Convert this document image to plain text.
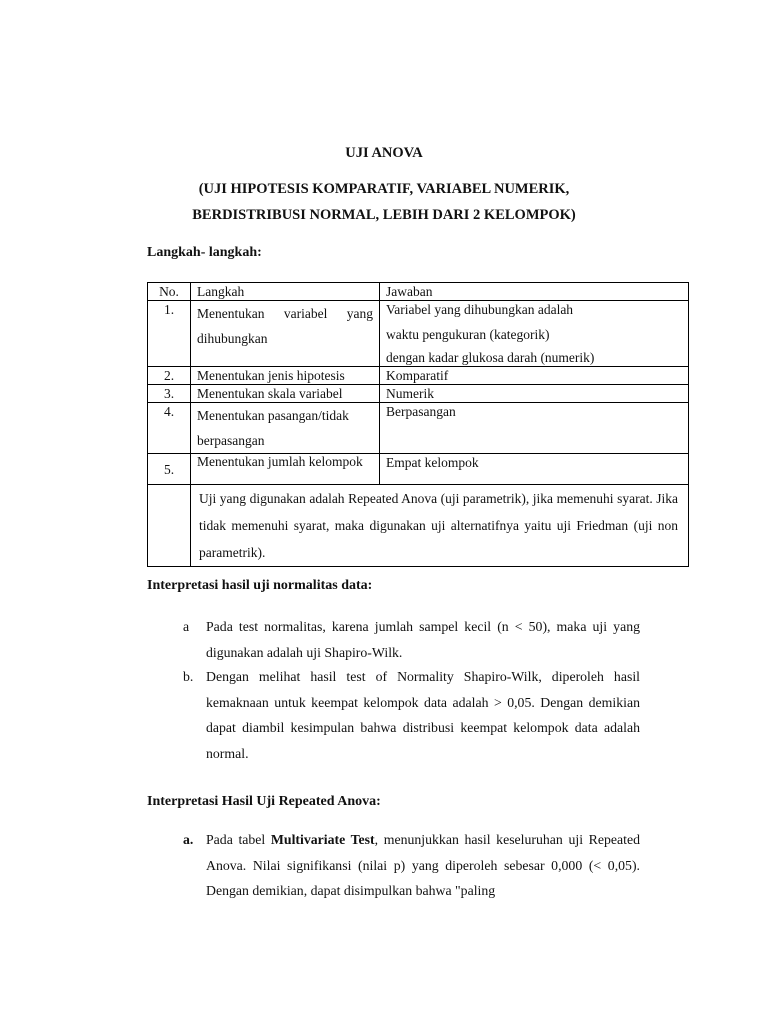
UJI ANOVA
(UJI HIPOTESIS KOMPARATIF, VARIABEL NUMERIK,
BERDISTRIBUSI NORMAL, LEBIH DARI 2 KELOMPOK)
Langkah- langkah:
No.	Langkah	Jawaban
1.	Menentukan variabel yang dihubungkan	Variabel yang dihubungkan adalah
waktu pengukuran (kategorik)
dengan kadar glukosa darah (numerik)

2.	Menentukan jenis hipotesis	Komparatif
3.	Menentukan skala variabel	Numerik
4.	Menentukan pasangan/tidak berpasangan	Berpasangan
5.	Menentukan jumlah kelompok	Empat kelompok
	Uji yang digunakan adalah Repeated Anova (uji parametrik), jika memenuhi syarat. Jika tidak memenuhi syarat, maka digunakan uji alternatifnya yaitu uji Friedman (uji non parametrik).	
Interpretasi hasil uji normalitas data:
a Pada test normalitas, karena jumlah sampel kecil (n < 50), maka uji yang digunakan adalah uji Shapiro-Wilk.
b. Dengan melihat hasil test of Normality Shapiro-Wilk, diperoleh hasil kemaknaan untuk keempat kelompok data adalah > 0,05. Dengan demikian dapat diambil kesimpulan bahwa distribusi keempat kelompok data adalah normal.
Interpretasi Hasil Uji Repeated Anova:
a. Pada tabel Multivariate Test, menunjukkan hasil keseluruhan uji Repeated Anova. Nilai signifikansi (nilai p) yang diperoleh sebesar 0,000 (< 0,05). Dengan demikian, dapat disimpulkan bahwa "paling
